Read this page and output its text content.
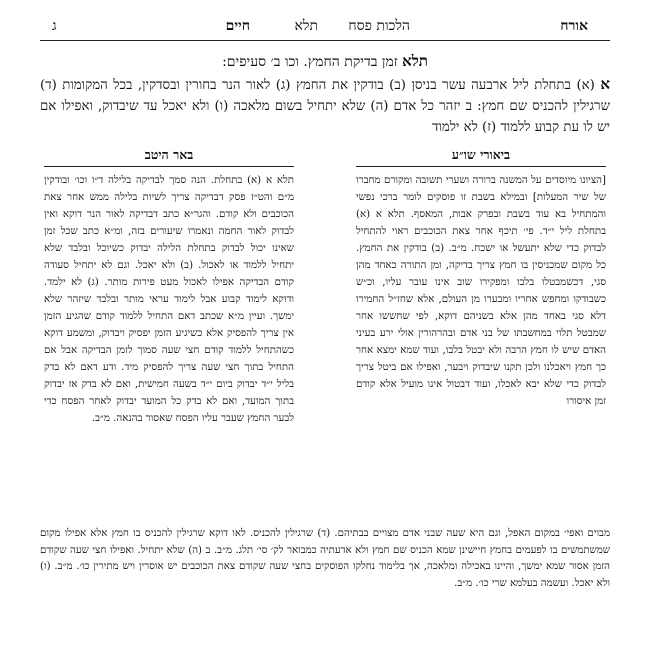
אורח
הלכות פסח
תלא
חיים
ג
תלא זמן בדיקת החמץ. וכו ב׳ סעיפים:
א (א) בתחלת ליל ארבעה עשר בניסן (ב) בודקין את החמץ (ג) לאור הנר בחורין ובסדקין, בכל המקומות (ד) שרגילין להכניס שם חמץ: ב יזהר כל אדם (ה) שלא יתחיל בשום מלאכה (ו) ולא יאכל עד שיבדוק, ואפילו אם יש לו עת קבוע ללמוד (ז) לא ילמוד
ביאורי שו״ע
באר היטב
[הציונו מיוסדים על המשנה ברורה ושערי תשובה ומקורם מחברו של שיר המעלות] ובמילא בשבת זו פוסקים לומר ברכי נפשי והמתחיל בא עוד בשבת ובפרק אבות, המאסף. תלא א (א) בתחלת ליל י״ד. פי׳ תיכף אחר צאת הכוכבים ראוי להתחיל לבדוק כדי שלא יתעשל או ישכח. מ״ב. (ב) בודקין את החמץ. כל מקום שמכניסין בו חמץ צריך בדיקה, ומן התורה כאחד מהן סגי, דכשמבטלו בלבו ומפקירו שוב אינו עובר עליו, וכ״ש כשבודקו ומחפש אחריו ומבערו מן העולם, אלא שחז״ל החמירו דלא סגי באחד מהן אלא בשניהם דוקא, לפי שחששו אחר שמבטל תלוי במחשבתו של בני אדם ובהרהורין אולי ירע בעיני האדם שיש לו חמץ הרבה ולא יבטל בלבו, ועוד שמא ימצא אחר כך חמץ ויאכלנו ולכן תקנו שיבדוק ויבער, ואפילו אם ביטל צריך לבדוק כדי שלא יבא לאכלו, ועוד דבטול אינו מועיל אלא קודם זמן איסורו
תלא א (א) בתחלת. הנה סמך לבדיקה בלילה ד״ו וכו׳ ובודקין מ״ם והט״ז פסק דבדיקה צריך לשיות בלילה ממש אחר צאת הכוכבים ולא קודם. והגר״א כתב דבדיקה לאור הנר דוקא ואין לבדוק לאור החמה ונאמרו שיעורים בזה, ומ״א כתב שכל זמן שאינו יכול לבדוק בתחלת הלילה יבדוק כשיוכל ובלבד שלא יתחיל ללמוד או לאכול. (ב) ולא יאכל. וגם לא יתחיל סעודה קודם הבדיקה אפילו לאכול מעט פירות מותר. (ג) לא ילמד. ודוקא לימוד קבוע אבל לימוד עראי מותר ובלבד שיזהר שלא ימשך. ועיין מ״א שכתב דאם התחיל ללמוד קודם שהגיע הזמן אין צריך להפסיק אלא כשיגיע הזמן יפסיק ויבדוק, ומשמע דוקא כשהתחיל ללמוד קודם חצי שעה סמוך לזמן הבדיקה אבל אם התחיל בתוך חצי שעה צריך להפסיק מיד. ודע דאם לא בדק בליל י״ד יבדוק ביום י״ד בשעה חמישית, ואם לא בדק אז יבדוק בתוך המועד, ואם לא בדק כל המועד יבדוק לאחר הפסח כדי לבער החמץ שעבר עליו הפסח שאסור בהנאה. מ״ב.
מבוים ואפי׳ במקום האפל, וגם היא שעה שבני אדם מצויים בבתיהם. (ד) שרגילין להכניס. לאו דוקא שרגילין להכניס בו חמץ אלא אפילו מקום שמשתמשים בו לפעמים בחמץ חיישינן שמא הכניס שם חמץ ולא אדעתיה כמבואר לק׳ סי׳ תלג. מ״ב. ב (ה) שלא יתחיל. ואפילו חצי שעה שקודם הזמן אסור שמא ימשך, והיינו באכילה ומלאכה, אך בלימוד נחלקו הפוסקים בחצי שעה שקודם צאת הכוכבים יש אוסרין ויש מתירין כו׳. מ״ב. (ו) ולא יאכל. ועשמה בעלמא שרי כו׳. מ״ב.
